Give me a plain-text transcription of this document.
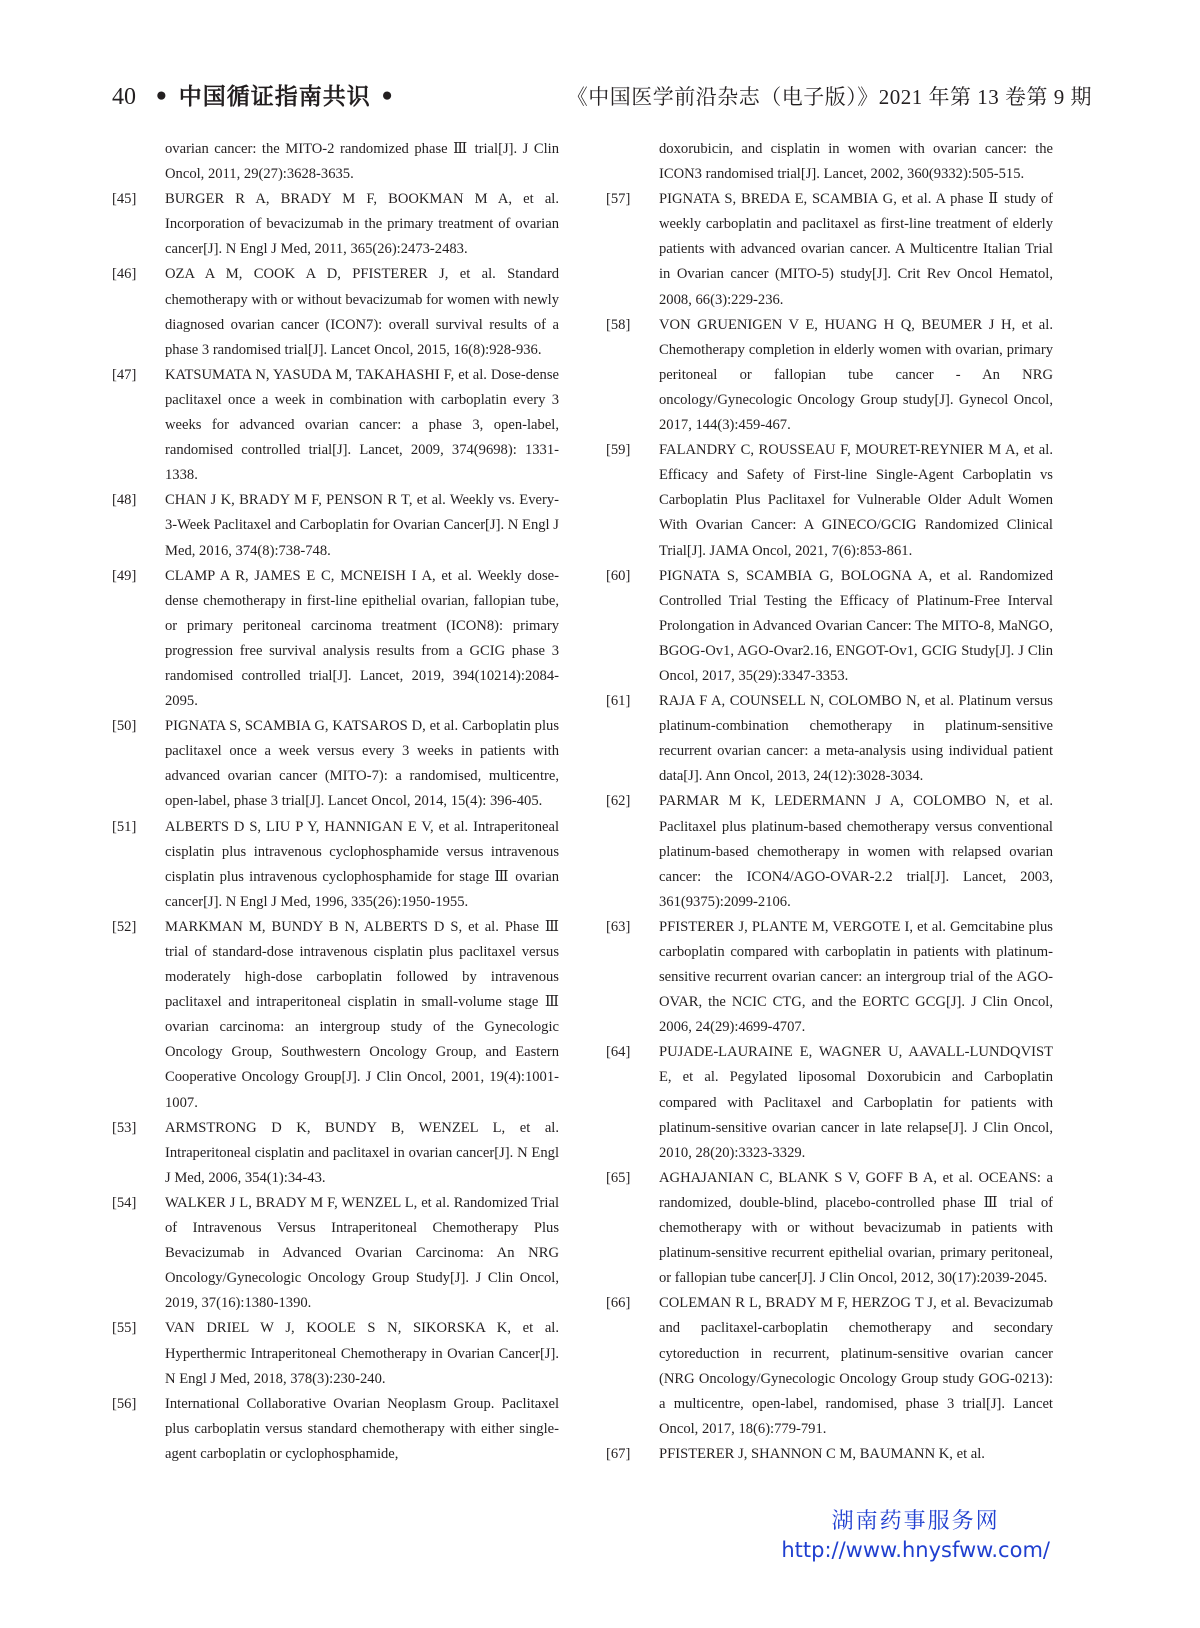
40 • 中国循证指南共识 •	《中国医学前沿杂志（电子版）》2021 年第 13 卷第 9 期
ovarian cancer: the MITO-2 randomized phase Ⅲ trial[J]. J Clin Oncol, 2011, 29(27):3628-3635.
[45]	BURGER R A, BRADY M F, BOOKMAN M A, et al. Incorporation of bevacizumab in the primary treatment of ovarian cancer[J]. N Engl J Med, 2011, 365(26):2473-2483.
[46]	OZA A M, COOK A D, PFISTERER J, et al. Standard chemotherapy with or without bevacizumab for women with newly diagnosed ovarian cancer (ICON7): overall survival results of a phase 3 randomised trial[J]. Lancet Oncol, 2015, 16(8):928-936.
[47]	KATSUMATA N, YASUDA M, TAKAHASHI F, et al. Dose-dense paclitaxel once a week in combination with carboplatin every 3 weeks for advanced ovarian cancer: a phase 3, open-label, randomised controlled trial[J]. Lancet, 2009, 374(9698): 1331-1338.
[48]	CHAN J K, BRADY M F, PENSON R T, et al. Weekly vs. Every-3-Week Paclitaxel and Carboplatin for Ovarian Cancer[J]. N Engl J Med, 2016, 374(8):738-748.
[49]	CLAMP A R, JAMES E C, MCNEISH I A, et al. Weekly dose-dense chemotherapy in first-line epithelial ovarian, fallopian tube, or primary peritoneal carcinoma treatment (ICON8): primary progression free survival analysis results from a GCIG phase 3 randomised controlled trial[J]. Lancet, 2019, 394(10214):2084-2095.
[50]	PIGNATA S, SCAMBIA G, KATSAROS D, et al. Carboplatin plus paclitaxel once a week versus every 3 weeks in patients with advanced ovarian cancer (MITO-7): a randomised, multicentre, open-label, phase 3 trial[J]. Lancet Oncol, 2014, 15(4): 396-405.
[51]	ALBERTS D S, LIU P Y, HANNIGAN E V, et al. Intraperitoneal cisplatin plus intravenous cyclophosphamide versus intravenous cisplatin plus intravenous cyclophosphamide for stage Ⅲ ovarian cancer[J]. N Engl J Med, 1996, 335(26):1950-1955.
[52]	MARKMAN M, BUNDY B N, ALBERTS D S, et al. Phase Ⅲ trial of standard-dose intravenous cisplatin plus paclitaxel versus moderately high-dose carboplatin followed by intravenous paclitaxel and intraperitoneal cisplatin in small-volume stage Ⅲ ovarian carcinoma: an intergroup study of the Gynecologic Oncology Group, Southwestern Oncology Group, and Eastern Cooperative Oncology Group[J]. J Clin Oncol, 2001, 19(4):1001-1007.
[53]	ARMSTRONG D K, BUNDY B, WENZEL L, et al. Intraperitoneal cisplatin and paclitaxel in ovarian cancer[J]. N Engl J Med, 2006, 354(1):34-43.
[54]	WALKER J L, BRADY M F, WENZEL L, et al. Randomized Trial of Intravenous Versus Intraperitoneal Chemotherapy Plus Bevacizumab in Advanced Ovarian Carcinoma: An NRG Oncology/Gynecologic Oncology Group Study[J]. J Clin Oncol, 2019, 37(16):1380-1390.
[55]	VAN DRIEL W J, KOOLE S N, SIKORSKA K, et al. Hyperthermic Intraperitoneal Chemotherapy in Ovarian Cancer[J]. N Engl J Med, 2018, 378(3):230-240.
[56]	International Collaborative Ovarian Neoplasm Group. Paclitaxel plus carboplatin versus standard chemotherapy with either single-agent carboplatin or cyclophosphamide,
doxorubicin, and cisplatin in women with ovarian cancer: the ICON3 randomised trial[J]. Lancet, 2002, 360(9332):505-515.
[57]	PIGNATA S, BREDA E, SCAMBIA G, et al. A phase Ⅱ study of weekly carboplatin and paclitaxel as first-line treatment of elderly patients with advanced ovarian cancer. A Multicentre Italian Trial in Ovarian cancer (MITO-5) study[J]. Crit Rev Oncol Hematol, 2008, 66(3):229-236.
[58]	VON GRUENIGEN V E, HUANG H Q, BEUMER J H, et al. Chemotherapy completion in elderly women with ovarian, primary peritoneal or fallopian tube cancer - An NRG oncology/Gynecologic Oncology Group study[J]. Gynecol Oncol, 2017, 144(3):459-467.
[59]	FALANDRY C, ROUSSEAU F, MOURET-REYNIER M A, et al. Efficacy and Safety of First-line Single-Agent Carboplatin vs Carboplatin Plus Paclitaxel for Vulnerable Older Adult Women With Ovarian Cancer: A GINECO/GCIG Randomized Clinical Trial[J]. JAMA Oncol, 2021, 7(6):853-861.
[60]	PIGNATA S, SCAMBIA G, BOLOGNA A, et al. Randomized Controlled Trial Testing the Efficacy of Platinum-Free Interval Prolongation in Advanced Ovarian Cancer: The MITO-8, MaNGO, BGOG-Ov1, AGO-Ovar2.16, ENGOT-Ov1, GCIG Study[J]. J Clin Oncol, 2017, 35(29):3347-3353.
[61]	RAJA F A, COUNSELL N, COLOMBO N, et al. Platinum versus platinum-combination chemotherapy in platinum-sensitive recurrent ovarian cancer: a meta-analysis using individual patient data[J]. Ann Oncol, 2013, 24(12):3028-3034.
[62]	PARMAR M K, LEDERMANN J A, COLOMBO N, et al. Paclitaxel plus platinum-based chemotherapy versus conventional platinum-based chemotherapy in women with relapsed ovarian cancer: the ICON4/AGO-OVAR-2.2 trial[J]. Lancet, 2003, 361(9375):2099-2106.
[63]	PFISTERER J, PLANTE M, VERGOTE I, et al. Gemcitabine plus carboplatin compared with carboplatin in patients with platinum-sensitive recurrent ovarian cancer: an intergroup trial of the AGO-OVAR, the NCIC CTG, and the EORTC GCG[J]. J Clin Oncol, 2006, 24(29):4699-4707.
[64]	PUJADE-LAURAINE E, WAGNER U, AAVALL-LUNDQVIST E, et al. Pegylated liposomal Doxorubicin and Carboplatin compared with Paclitaxel and Carboplatin for patients with platinum-sensitive ovarian cancer in late relapse[J]. J Clin Oncol, 2010, 28(20):3323-3329.
[65]	AGHAJANIAN C, BLANK S V, GOFF B A, et al. OCEANS: a randomized, double-blind, placebo-controlled phase Ⅲ trial of chemotherapy with or without bevacizumab in patients with platinum-sensitive recurrent epithelial ovarian, primary peritoneal, or fallopian tube cancer[J]. J Clin Oncol, 2012, 30(17):2039-2045.
[66]	COLEMAN R L, BRADY M F, HERZOG T J, et al. Bevacizumab and paclitaxel-carboplatin chemotherapy and secondary cytoreduction in recurrent, platinum-sensitive ovarian cancer (NRG Oncology/Gynecologic Oncology Group study GOG-0213): a multicentre, open-label, randomised, phase 3 trial[J]. Lancet Oncol, 2017, 18(6):779-791.
[67]	PFISTERER J, SHANNON C M, BAUMANN K, et al.
湖南药事服务网
http://www.hnysfww.com/
